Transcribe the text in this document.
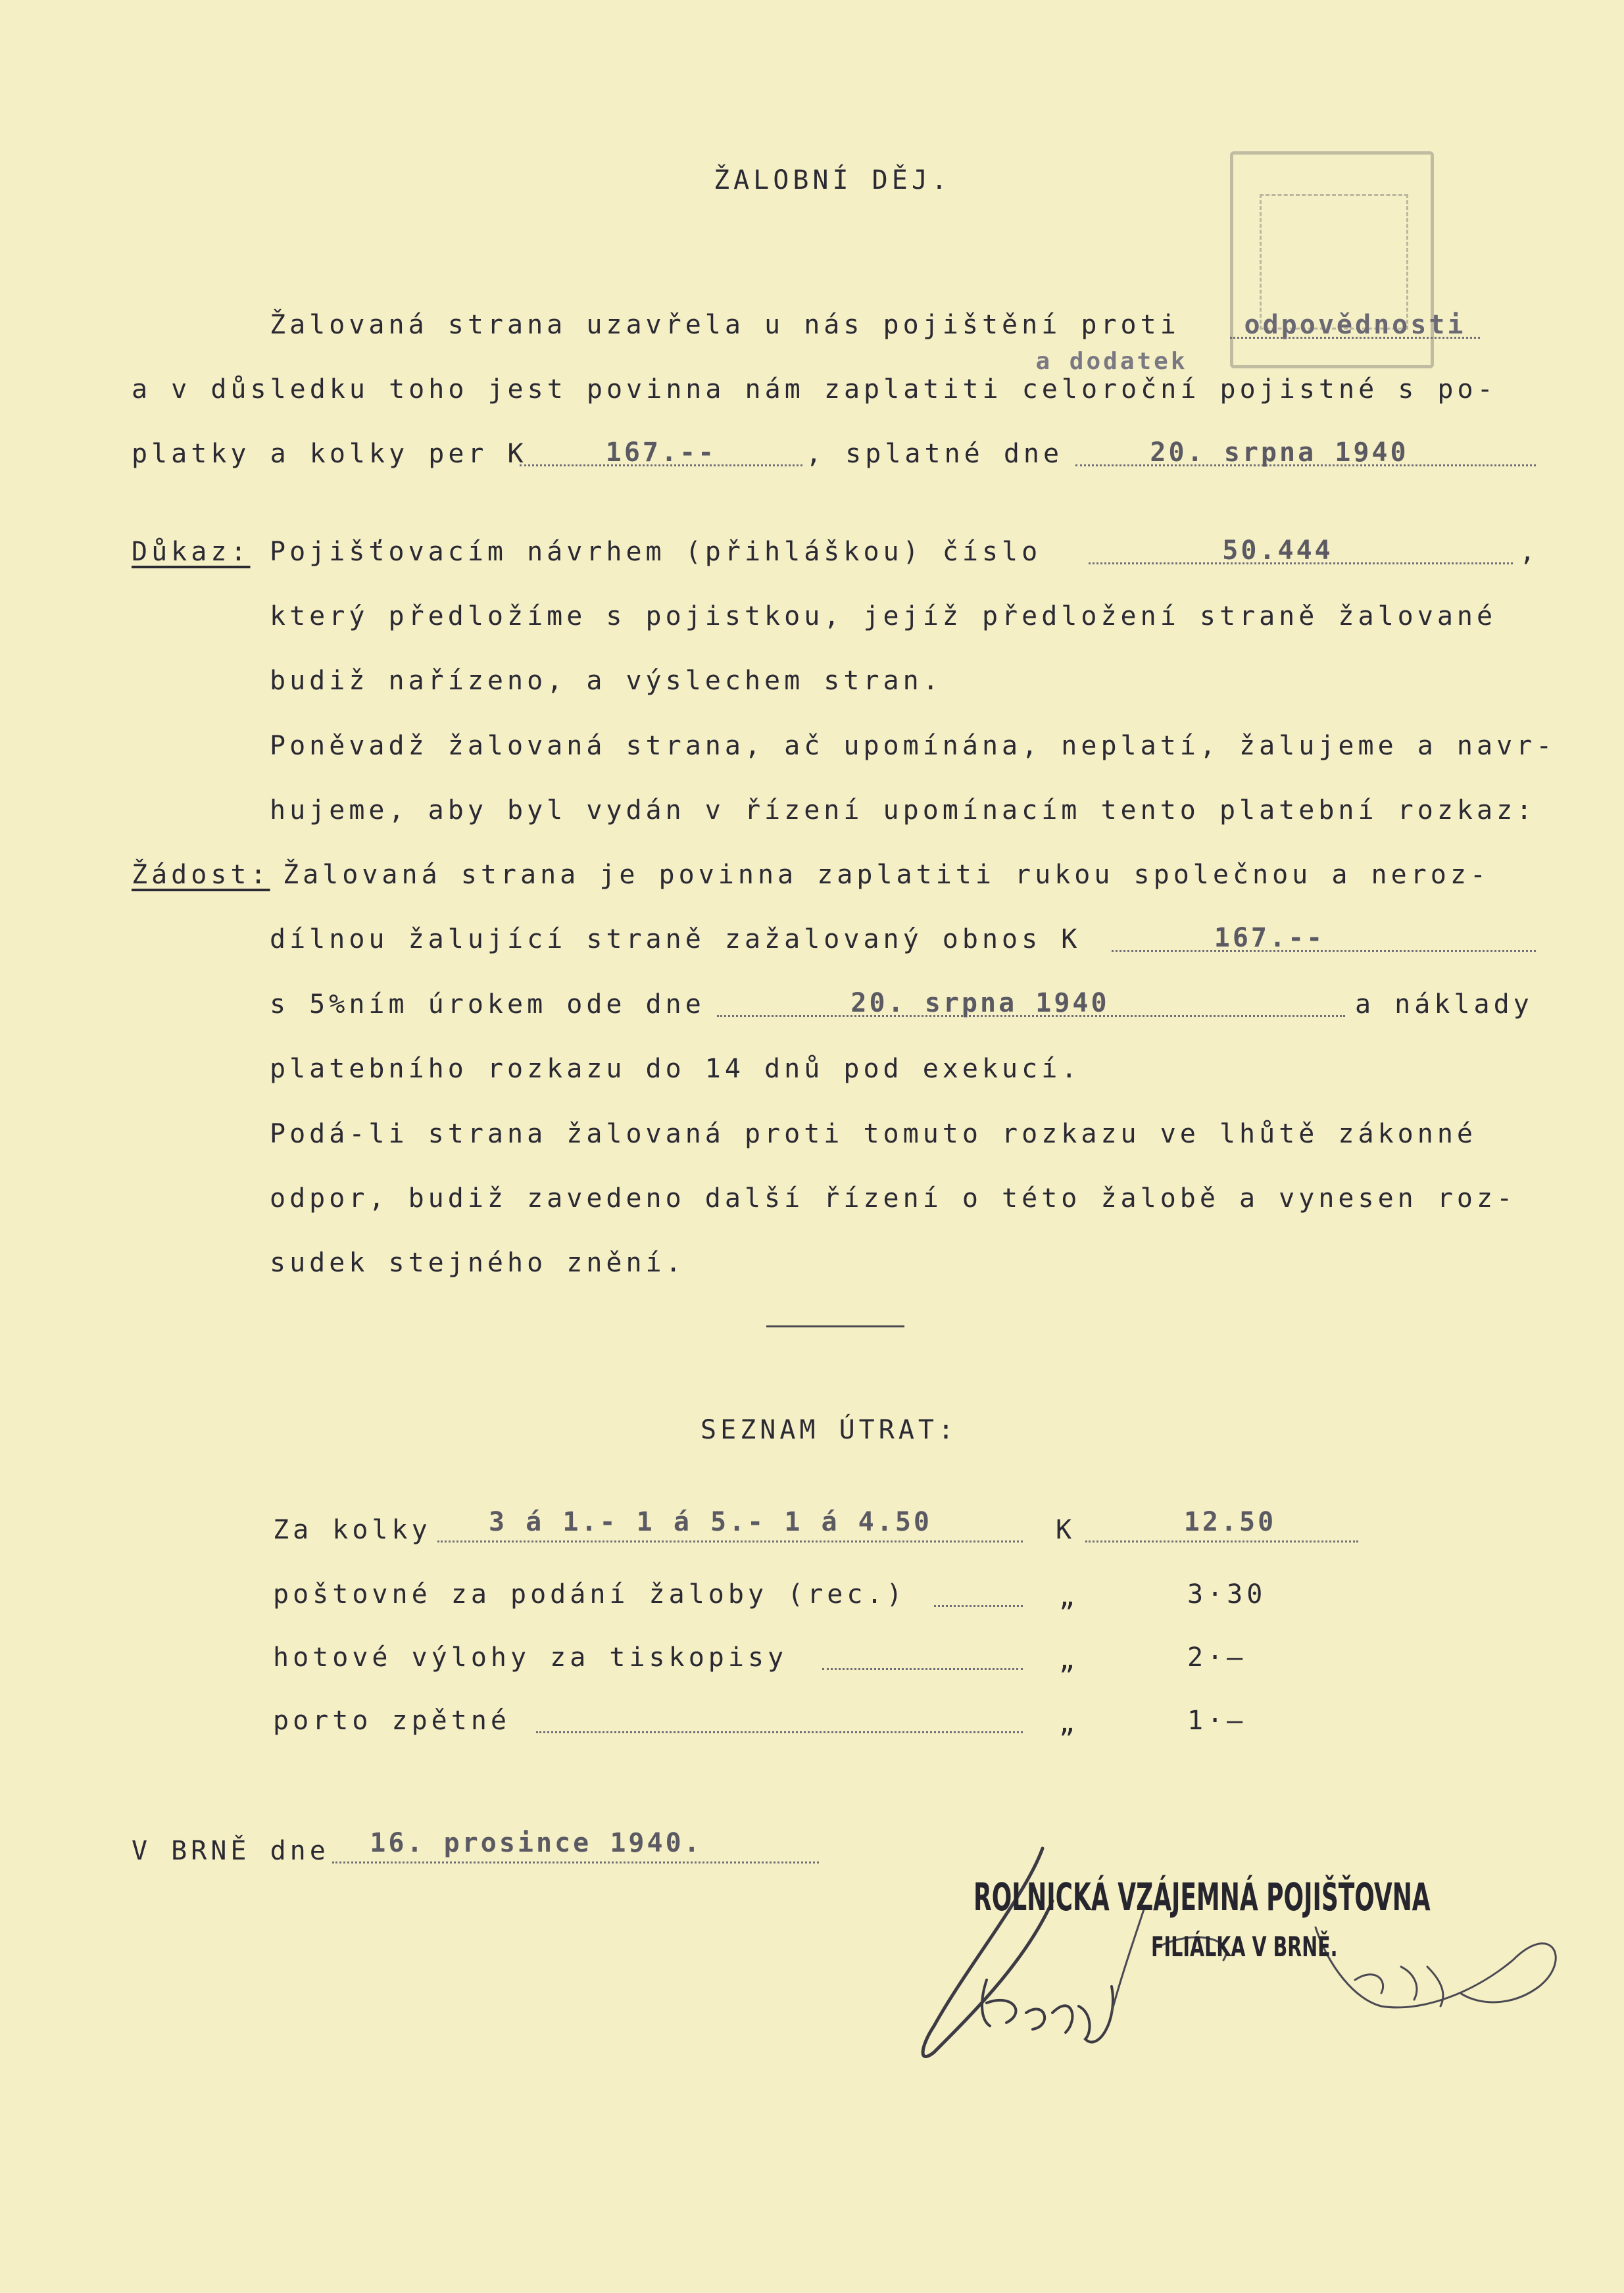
ŽALOBNÍ DĚJ.
Žalovaná strana uzavřela u nás pojištění proti odpovědnosti
a dodatek
a v důsledku toho jest povinna nám zaplatiti celoroční pojistné s po-
platky a kolky per K	167.--	, splatné dne	20. srpna 1940
Důkaz: Pojišťovacím návrhem (přihláškou) číslo	50.444	,
který předložíme s pojistkou, jejíž předložení straně žalované
budiž nařízeno, a výslechem stran.
Poněvadž žalovaná strana, ač upomínána, neplatí, žalujeme a navr-
hujeme, aby byl vydán v řízení upomínacím tento platební rozkaz:
Žádost: Žalovaná strana je povinna zaplatiti rukou společnou a neroz-
dílnou žalující straně zažalovaný obnos K	167.--
s 5%ním úrokem ode dne	20. srpna 1940	a náklady
platebního rozkazu do 14 dnů pod exekucí.
Podá-li strana žalovaná proti tomuto rozkazu ve lhůtě zákonné
odpor, budiž zavedeno další řízení o této žalobě a vynesen roz-
sudek stejného znění.
SEZNAM ÚTRAT:
Za kolky	3 á 1.- 1 á 5.- 1 á 4.50	K	12.50
poštovné za podání žaloby (rec.)	„	3·30
hotové výlohy za tiskopisy	„	2·—
porto zpětné	„	1·—
V BRNĚ dne	16. prosince 1940.
ROLNICKÁ VZÁJEMNÁ POJIŠŤOVNA
FILIÁLKA V BRNĚ.
